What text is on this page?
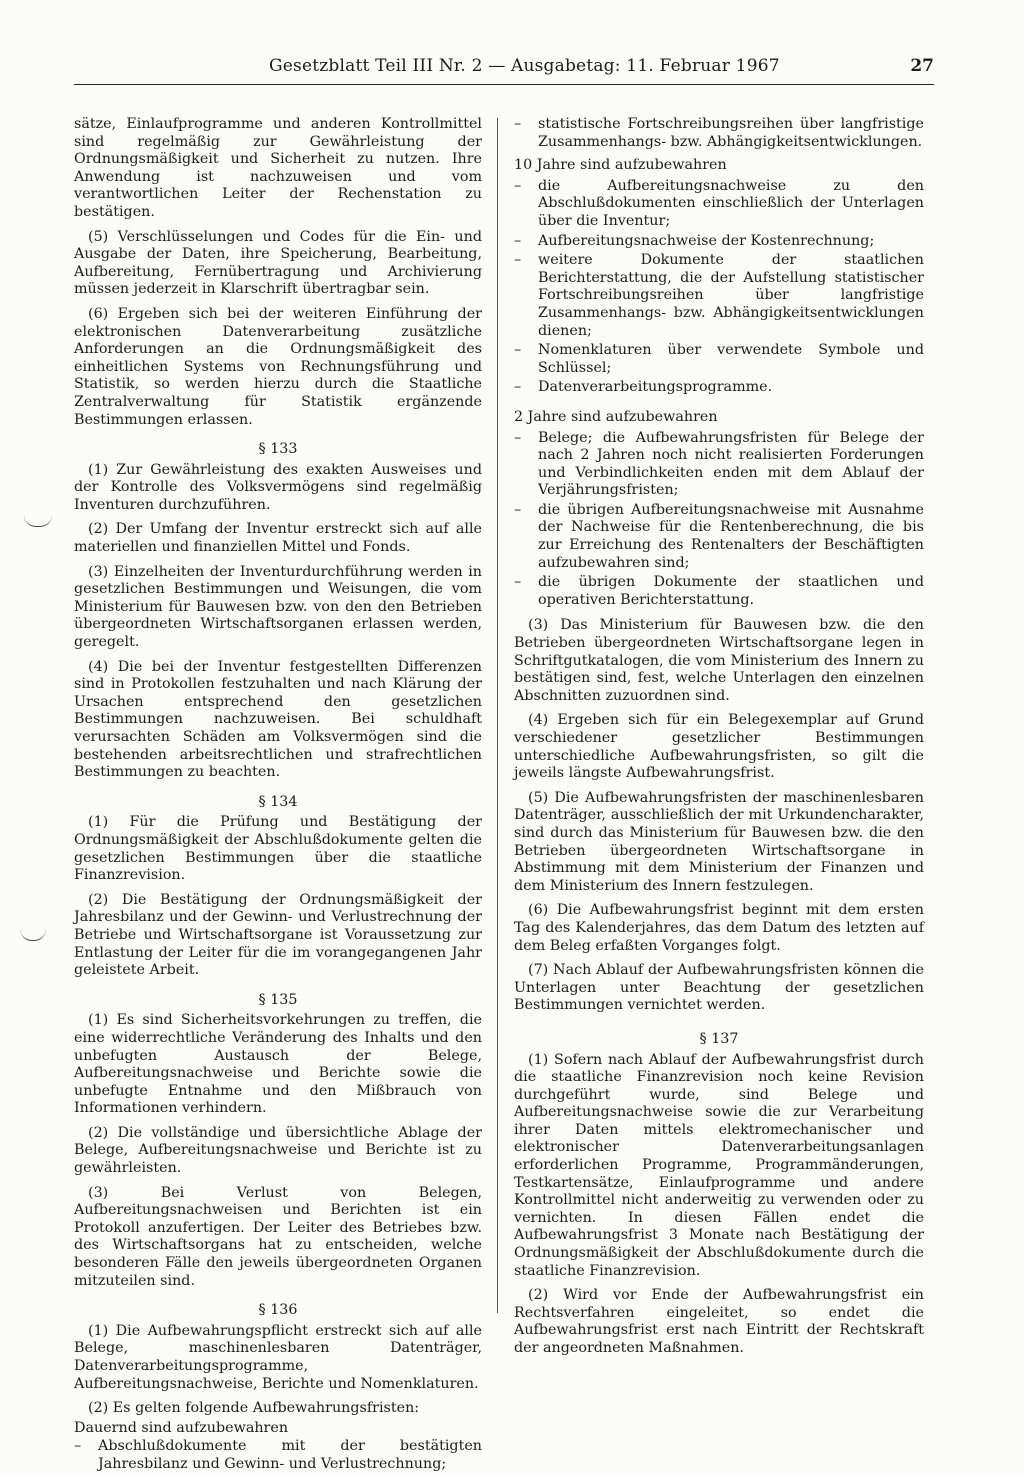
Gesetzblatt Teil III Nr. 2 — Ausgabetag: 11. Februar 1967	27

sätze, Einlaufprogramme und anderen Kontrollmittel sind regelmäßig zur Gewährleistung der Ordnungsmäßigkeit und Sicherheit zu nutzen. Ihre Anwendung ist nachzuweisen und vom verantwortlichen Leiter der Rechenstation zu bestätigen.

(5) Verschlüsselungen und Codes für die Ein- und Ausgabe der Daten, ihre Speicherung, Bearbeitung, Aufbereitung, Fernübertragung und Archivierung müssen jederzeit in Klarschrift übertragbar sein.

(6) Ergeben sich bei der weiteren Einführung der elektronischen Datenverarbeitung zusätzliche Anforderungen an die Ordnungsmäßigkeit des einheitlichen Systems von Rechnungsführung und Statistik, so werden hierzu durch die Staatliche Zentralverwaltung für Statistik ergänzende Bestimmungen erlassen.

§ 133

(1) Zur Gewährleistung des exakten Ausweises und der Kontrolle des Volksvermögens sind regelmäßig Inventuren durchzuführen.

(2) Der Umfang der Inventur erstreckt sich auf alle materiellen und finanziellen Mittel und Fonds.

(3) Einzelheiten der Inventurdurchführung werden in gesetzlichen Bestimmungen und Weisungen, die vom Ministerium für Bauwesen bzw. von den den Betrieben übergeordneten Wirtschaftsorganen erlassen werden, geregelt.

(4) Die bei der Inventur festgestellten Differenzen sind in Protokollen festzuhalten und nach Klärung der Ursachen entsprechend den gesetzlichen Bestimmungen nachzuweisen. Bei schuldhaft verursachten Schäden am Volksvermögen sind die bestehenden arbeitsrechtlichen und strafrechtlichen Bestimmungen zu beachten.

§ 134

(1) Für die Prüfung und Bestätigung der Ordnungsmäßigkeit der Abschlußdokumente gelten die gesetzlichen Bestimmungen über die staatliche Finanzrevision.

(2) Die Bestätigung der Ordnungsmäßigkeit der Jahresbilanz und der Gewinn- und Verlustrechnung der Betriebe und Wirtschaftsorgane ist Voraussetzung zur Entlastung der Leiter für die im vorangegangenen Jahr geleistete Arbeit.

§ 135

(1) Es sind Sicherheitsvorkehrungen zu treffen, die eine widerrechtliche Veränderung des Inhalts und den unbefugten Austausch der Belege, Aufbereitungsnachweise und Berichte sowie die unbefugte Entnahme und den Mißbrauch von Informationen verhindern.

(2) Die vollständige und übersichtliche Ablage der Belege, Aufbereitungsnachweise und Berichte ist zu gewährleisten.

(3) Bei Verlust von Belegen, Aufbereitungsnachweisen und Berichten ist ein Protokoll anzufertigen. Der Leiter des Betriebes bzw. des Wirtschaftsorgans hat zu entscheiden, welche besonderen Fälle den jeweils übergeordneten Organen mitzuteilen sind.

§ 136

(1) Die Aufbewahrungspflicht erstreckt sich auf alle Belege, maschinenlesbaren Datenträger, Datenverarbeitungsprogramme, Aufbereitungsnachweise, Berichte und Nomenklaturen.

(2) Es gelten folgende Aufbewahrungsfristen:

Dauernd sind aufzubewahren

–	Abschlußdokumente mit der bestätigten Jahresbilanz und Gewinn- und Verlustrechnung;
–	statistische Fortschreibungsreihen über langfristige Zusammenhangs- bzw. Abhängigkeitsentwicklungen.

10 Jahre sind aufzubewahren

–	die Aufbereitungsnachweise zu den Abschlußdokumenten einschließlich der Unterlagen über die Inventur;
–	Aufbereitungsnachweise der Kostenrechnung;
–	weitere Dokumente der staatlichen Berichterstattung, die der Aufstellung statistischer Fortschreibungsreihen über langfristige Zusammenhangs- bzw. Abhängigkeitsentwicklungen dienen;
–	Nomenklaturen über verwendete Symbole und Schlüssel;
–	Datenverarbeitungsprogramme.

2 Jahre sind aufzubewahren

–	Belege; die Aufbewahrungsfristen für Belege der nach 2 Jahren noch nicht realisierten Forderungen und Verbindlichkeiten enden mit dem Ablauf der Verjährungsfristen;
–	die übrigen Aufbereitungsnachweise mit Ausnahme der Nachweise für die Rentenberechnung, die bis zur Erreichung des Rentenalters der Beschäftigten aufzubewahren sind;
–	die übrigen Dokumente der staatlichen und operativen Berichterstattung.

(3) Das Ministerium für Bauwesen bzw. die den Betrieben übergeordneten Wirtschaftsorgane legen in Schriftgutkatalogen, die vom Ministerium des Innern zu bestätigen sind, fest, welche Unterlagen den einzelnen Abschnitten zuzuordnen sind.

(4) Ergeben sich für ein Belegexemplar auf Grund verschiedener gesetzlicher Bestimmungen unterschiedliche Aufbewahrungsfristen, so gilt die jeweils längste Aufbewahrungsfrist.

(5) Die Aufbewahrungsfristen der maschinenlesbaren Datenträger, ausschließlich der mit Urkundencharakter, sind durch das Ministerium für Bauwesen bzw. die den Betrieben übergeordneten Wirtschaftsorgane in Abstimmung mit dem Ministerium der Finanzen und dem Ministerium des Innern festzulegen.

(6) Die Aufbewahrungsfrist beginnt mit dem ersten Tag des Kalenderjahres, das dem Datum des letzten auf dem Beleg erfaßten Vorganges folgt.

(7) Nach Ablauf der Aufbewahrungsfristen können die Unterlagen unter Beachtung der gesetzlichen Bestimmungen vernichtet werden.

§ 137

(1) Sofern nach Ablauf der Aufbewahrungsfrist durch die staatliche Finanzrevision noch keine Revision durchgeführt wurde, sind Belege und Aufbereitungsnachweise sowie die zur Verarbeitung ihrer Daten mittels elektromechanischer und elektronischer Datenverarbeitungsanlagen erforderlichen Programme, Programmänderungen, Testkartensätze, Einlaufprogramme und andere Kontrollmittel nicht anderweitig zu verwenden oder zu vernichten. In diesen Fällen endet die Aufbewahrungsfrist 3 Monate nach Bestätigung der Ordnungsmäßigkeit der Abschlußdokumente durch die staatliche Finanzrevision.

(2) Wird vor Ende der Aufbewahrungsfrist ein Rechtsverfahren eingeleitet, so endet die Aufbewahrungsfrist erst nach Eintritt der Rechtskraft der angeordneten Maßnahmen.
